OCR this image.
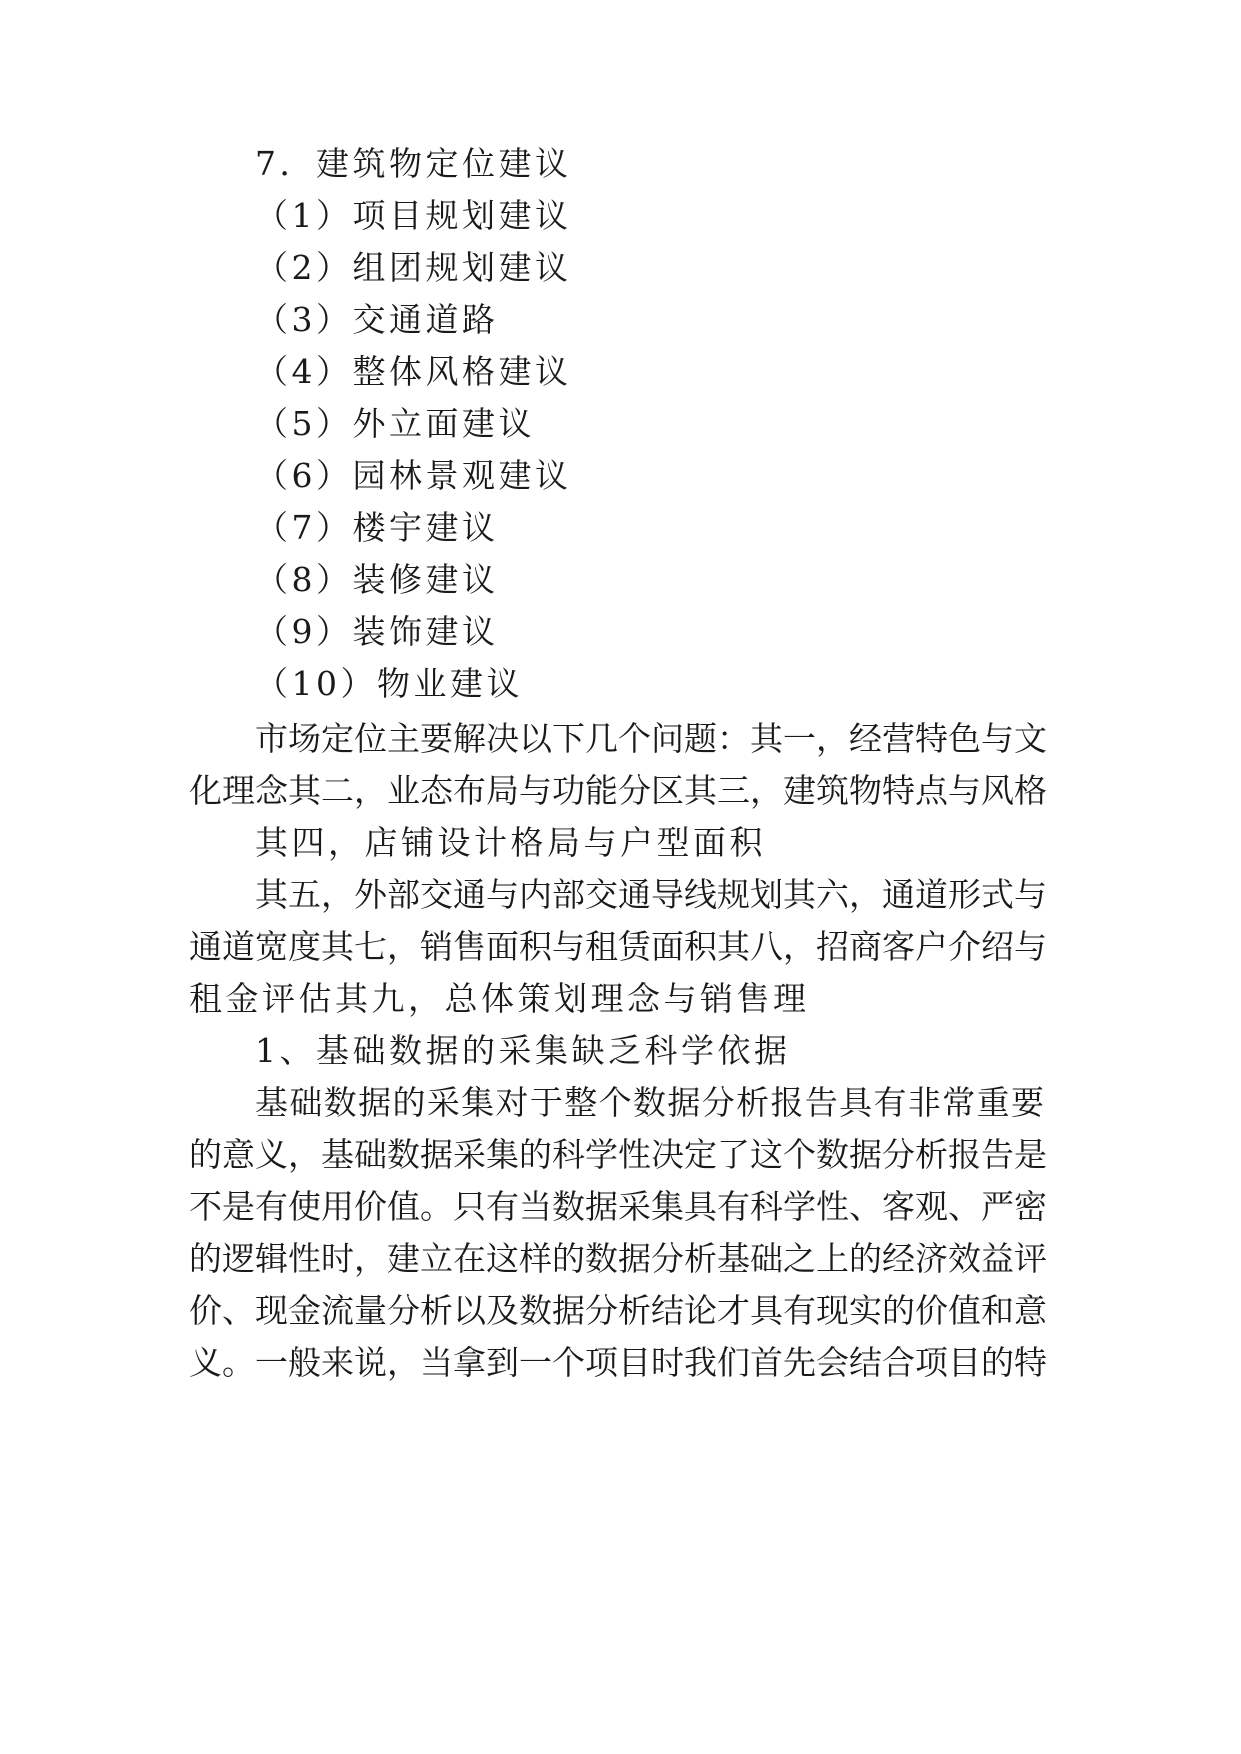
7．建筑物定位建议
（1）项目规划建议
（2）组团规划建议
（3）交通道路
（4）整体风格建议
（5）外立面建议
（6）园林景观建议
（7）楼宇建议
（8）装修建议
（9）装饰建议
（10）物业建议
市场定位主要解决以下几个问题：其一，经营特色与文
化理念其二，业态布局与功能分区其三，建筑物特点与风格
其四，店铺设计格局与户型面积
其五，外部交通与内部交通导线规划其六，通道形式与
通道宽度其七，销售面积与租赁面积其八，招商客户介绍与
租金评估其九，总体策划理念与销售理
1、基础数据的采集缺乏科学依据
基础数据的采集对于整个数据分析报告具有非常重要
的意义，基础数据采集的科学性决定了这个数据分析报告是
不是有使用价值。只有当数据采集具有科学性、客观、严密
的逻辑性时，建立在这样的数据分析基础之上的经济效益评
价、现金流量分析以及数据分析结论才具有现实的价值和意
义。一般来说，当拿到一个项目时我们首先会结合项目的特
